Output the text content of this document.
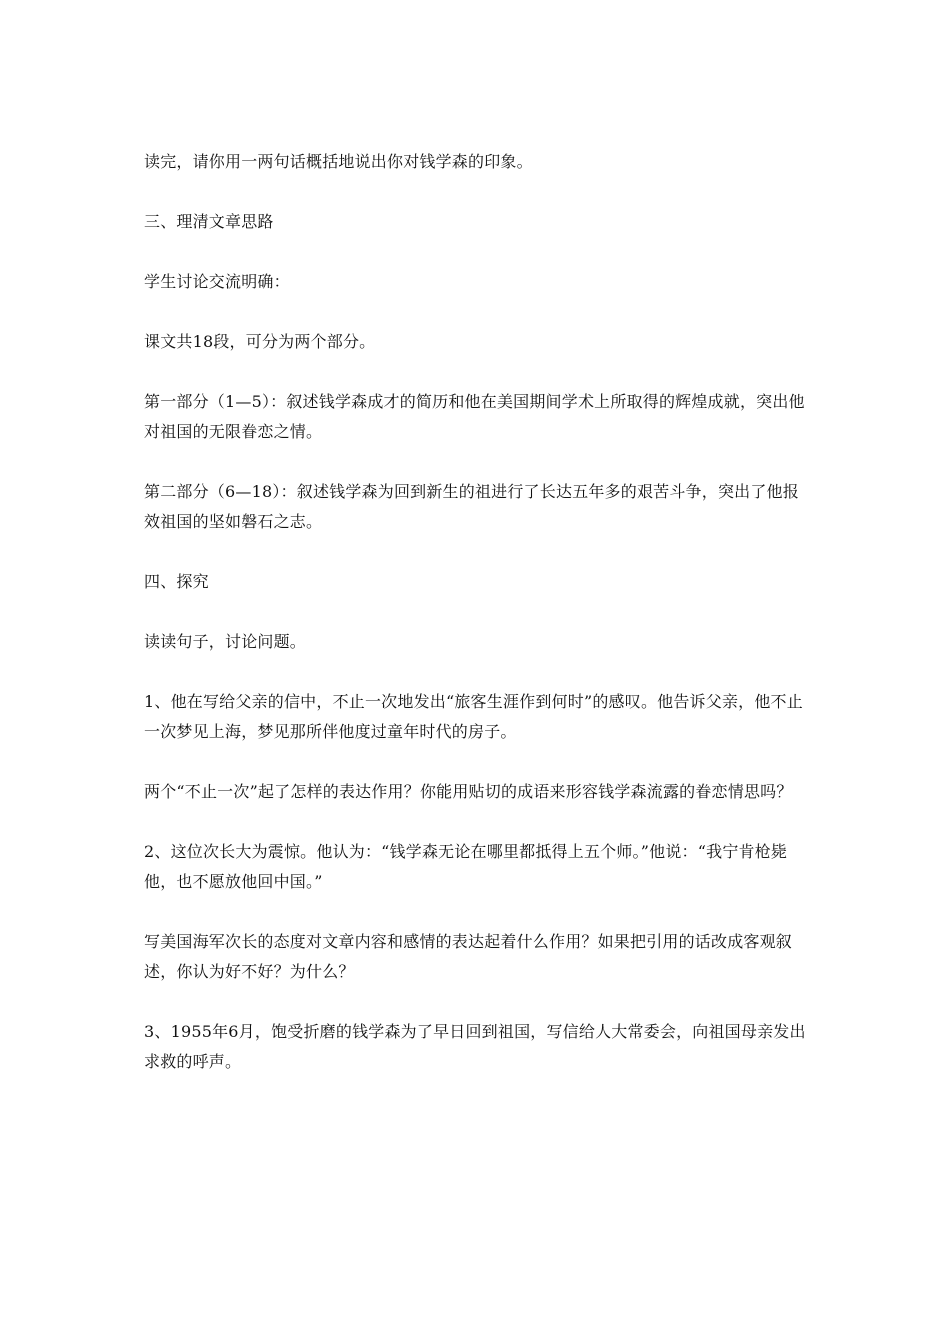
读完，请你用一两句话概括地说出你对钱学森的印象。

三、理清文章思路

学生讨论交流明确：

课文共18段，可分为两个部分。

第一部分（1—5）：叙述钱学森成才的简历和他在美国期间学术上所取得的辉煌成就，突出他对祖国的无限眷恋之情。

第二部分（6—18）：叙述钱学森为回到新生的祖进行了长达五年多的艰苦斗争，突出了他报效祖国的坚如磐石之志。

四、探究

读读句子，讨论问题。

1、他在写给父亲的信中，不止一次地发出“旅客生涯作到何时”的感叹。他告诉父亲，他不止一次梦见上海，梦见那所伴他度过童年时代的房子。

两个“不止一次”起了怎样的表达作用？你能用贴切的成语来形容钱学森流露的眷恋情思吗？

2、这位次长大为震惊。他认为：“钱学森无论在哪里都抵得上五个师。”他说：“我宁肯枪毙他，也不愿放他回中国。”

写美国海军次长的态度对文章内容和感情的表达起着什么作用？如果把引用的话改成客观叙述，你认为好不好？为什么？

3、1955年6月，饱受折磨的钱学森为了早日回到祖国，写信给人大常委会，向祖国母亲发出求救的呼声。
